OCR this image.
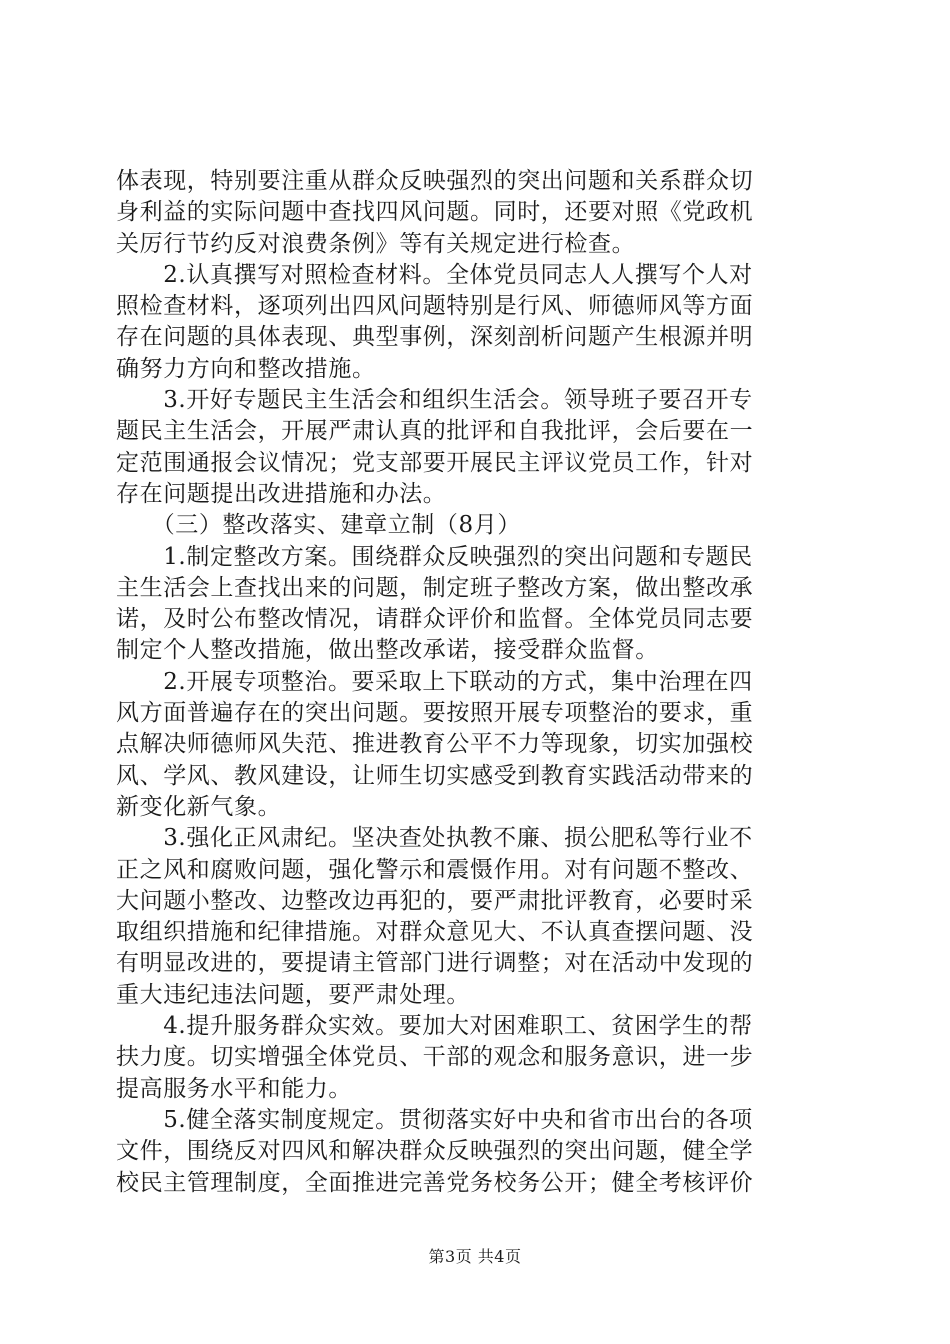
体表现，特别要注重从群众反映强烈的突出问题和关系群众切
身利益的实际问题中查找四风问题。同时，还要对照《党政机
关厉行节约反对浪费条例》等有关规定进行检查。
　　2.认真撰写对照检查材料。全体党员同志人人撰写个人对
照检查材料，逐项列出四风问题特别是行风、师德师风等方面
存在问题的具体表现、典型事例，深刻剖析问题产生根源并明
确努力方向和整改措施。
　　3.开好专题民主生活会和组织生活会。领导班子要召开专
题民主生活会，开展严肃认真的批评和自我批评，会后要在一
定范围通报会议情况；党支部要开展民主评议党员工作，针对
存在问题提出改进措施和办法。
　　（三）整改落实、建章立制（8月）
　　1.制定整改方案。围绕群众反映强烈的突出问题和专题民
主生活会上查找出来的问题，制定班子整改方案，做出整改承
诺，及时公布整改情况，请群众评价和监督。全体党员同志要
制定个人整改措施，做出整改承诺，接受群众监督。
　　2.开展专项整治。要采取上下联动的方式，集中治理在四
风方面普遍存在的突出问题。要按照开展专项整治的要求，重
点解决师德师风失范、推进教育公平不力等现象，切实加强校
风、学风、教风建设，让师生切实感受到教育实践活动带来的
新变化新气象。
　　3.强化正风肃纪。坚决查处执教不廉、损公肥私等行业不
正之风和腐败问题，强化警示和震慑作用。对有问题不整改、
大问题小整改、边整改边再犯的，要严肃批评教育，必要时采
取组织措施和纪律措施。对群众意见大、不认真查摆问题、没
有明显改进的，要提请主管部门进行调整；对在活动中发现的
重大违纪违法问题，要严肃处理。
　　4.提升服务群众实效。要加大对困难职工、贫困学生的帮
扶力度。切实增强全体党员、干部的观念和服务意识，进一步
提高服务水平和能力。
　　5.健全落实制度规定。贯彻落实好中央和省市出台的各项
文件，围绕反对四风和解决群众反映强烈的突出问题，健全学
校民主管理制度，全面推进完善党务校务公开；健全考核评价
第3页 共4页
